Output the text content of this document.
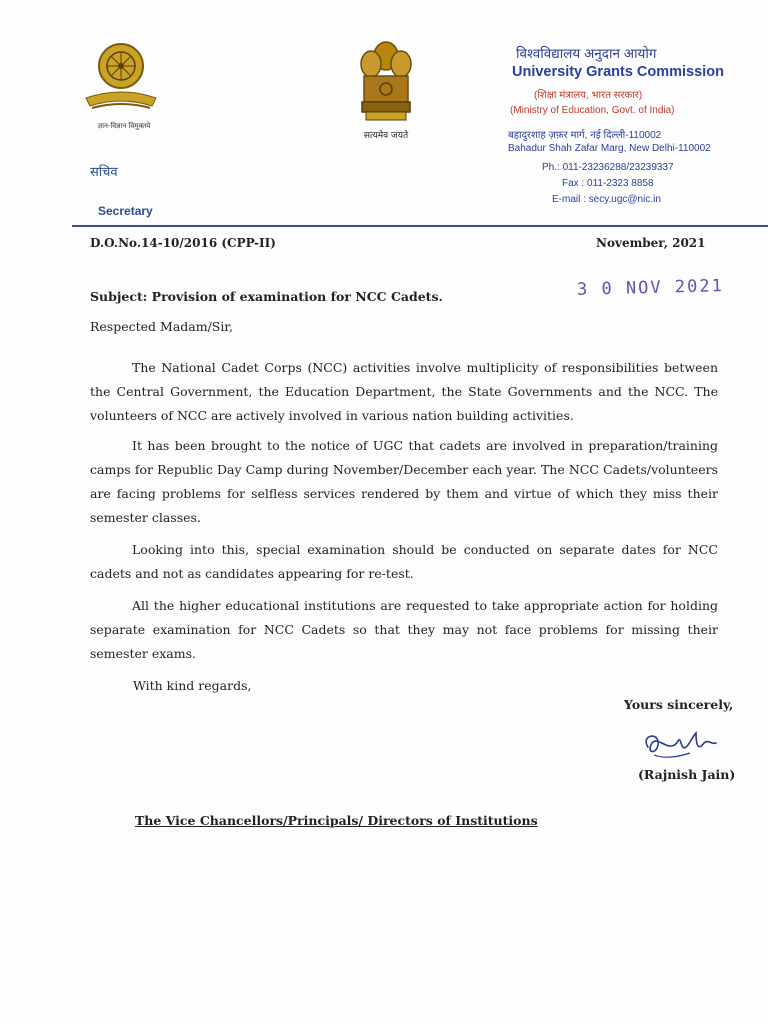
ज्ञान-विज्ञान विमुक्तये
सचिव
Secretary
सत्यमेव जयते
विश्वविद्यालय अनुदान आयोग
University Grants Commission
(शिक्षा मंत्रालय, भारत सरकार)
(Ministry of Education, Govt. of India)
बहादुरशाह ज़फ़र मार्ग, नई दिल्ली-110002
Bahadur Shah Zafar Marg, New Delhi-110002
Ph.: 011-23236288/23239337
Fax : 011-2323 8858
E-mail : secy.ugc@nic.in
D.O.No.14-10/2016 (CPP-II)	November, 2021
3 0 NOV 2021
Subject: Provision of examination for NCC Cadets.
Respected Madam/Sir,
The National Cadet Corps (NCC) activities involve multiplicity of responsibilities between the Central Government, the Education Department, the State Governments and the NCC. The volunteers of NCC are actively involved in various nation building activities.
It has been brought to the notice of UGC that cadets are involved in preparation/training camps for Republic Day Camp during November/December each year. The NCC Cadets/volunteers are facing problems for selfless services rendered by them and virtue of which they miss their semester classes.
Looking into this, special examination should be conducted on separate dates for NCC cadets and not as candidates appearing for re-test.
All the higher educational institutions are requested to take appropriate action for holding separate examination for NCC Cadets so that they may not face problems for missing their semester exams.
With kind regards,
Yours sincerely,
(Rajnish Jain)
The Vice Chancellors/Principals/ Directors of Institutions
